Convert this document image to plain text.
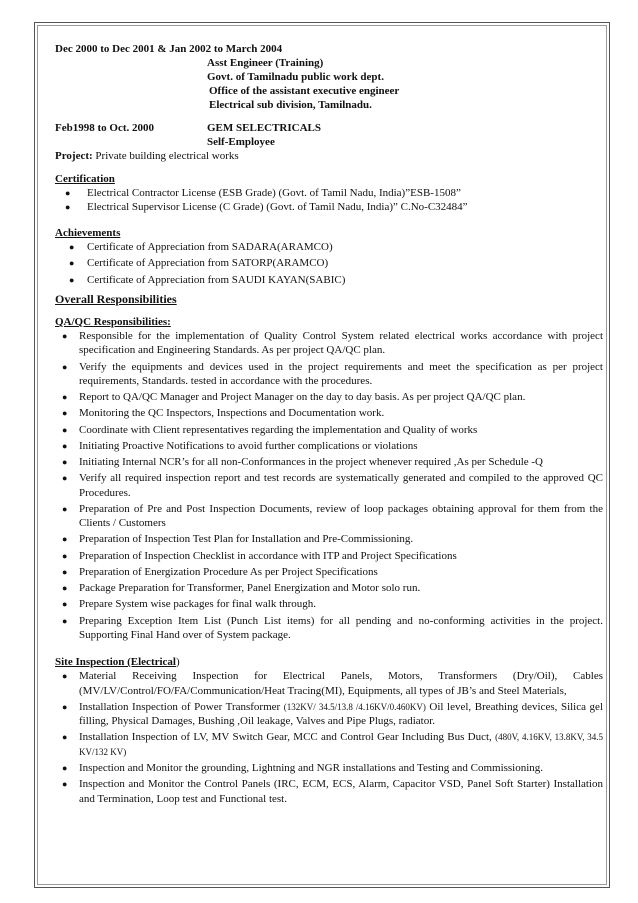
Dec 2000 to Dec 2001 & Jan 2002 to March 2004
Asst Engineer (Training)
Govt. of Tamilnadu public work dept.
Office of the assistant executive engineer
Electrical sub division, Tamilnadu.
Feb1998 to Oct. 2000	GEM SELECTRICALS
Self-Employee
Project: Private building electrical works
Certification
● Electrical Contractor License (ESB Grade) (Govt. of Tamil Nadu, India)”ESB-1508”
● Electrical Supervisor License (C Grade) (Govt. of Tamil Nadu, India)” C.No-C32484”
Achievements
● Certificate of Appreciation from SADARA(ARAMCO)
● Certificate of Appreciation from SATORP(ARAMCO)
● Certificate of Appreciation from SAUDI KAYAN(SABIC)
Overall Responsibilities
QA/QC Responsibilities:
● Responsible for the implementation of Quality Control System related electrical works accordance with project specification and Engineering Standards. As per project QA/QC plan.
● Verify the equipments and devices used in the project requirements and meet the specification as per project requirements, Standards. tested in accordance with the procedures.
● Report to QA/QC Manager and Project Manager on the day to day basis. As per project QA/QC plan.
● Monitoring the QC Inspectors, Inspections and Documentation work.
● Coordinate with Client representatives regarding the implementation and Quality of works
● Initiating Proactive Notifications to avoid further complications or violations
● Initiating Internal NCR’s for all non-Conformances in the project whenever required ,As per Schedule -Q
● Verify all required inspection report and test records are systematically generated and compiled to the approved QC Procedures.
● Preparation of Pre and Post Inspection Documents, review of loop packages obtaining approval for them from the Clients / Customers
● Preparation of Inspection Test Plan for Installation and Pre-Commissioning.
● Preparation of Inspection Checklist in accordance with ITP and Project Specifications
● Preparation of Energization Procedure As per Project Specifications
● Package Preparation for Transformer, Panel Energization and Motor solo run.
● Prepare System wise packages for final walk through.
● Preparing Exception Item List (Punch List items) for all pending and no-conforming activities in the project. Supporting Final Hand over of System package.
Site Inspection (Electrical)
● Material Receiving Inspection for Electrical Panels, Motors, Transformers (Dry/Oil), Cables (MV/LV/Control/FO/FA/Communication/Heat Tracing(MI), Equipments, all types of JB’s and Steel Materials,
● Installation Inspection of Power Transformer (132KV/ 34.5/13.8 /4.16KV/0.460KV) Oil level, Breathing devices, Silica gel filling, Physical Damages, Bushing ,Oil leakage, Valves and Pipe Plugs, radiator.
● Installation Inspection of LV, MV Switch Gear, MCC and Control Gear Including Bus Duct, (480V, 4.16KV, 13.8KV, 34.5 KV/132 KV)
● Inspection and Monitor the grounding, Lightning and NGR installations and Testing and Commissioning.
● Inspection and Monitor the Control Panels (IRC, ECM, ECS, Alarm, Capacitor VSD, Panel Soft Starter) Installation and Termination, Loop test and Functional test.
